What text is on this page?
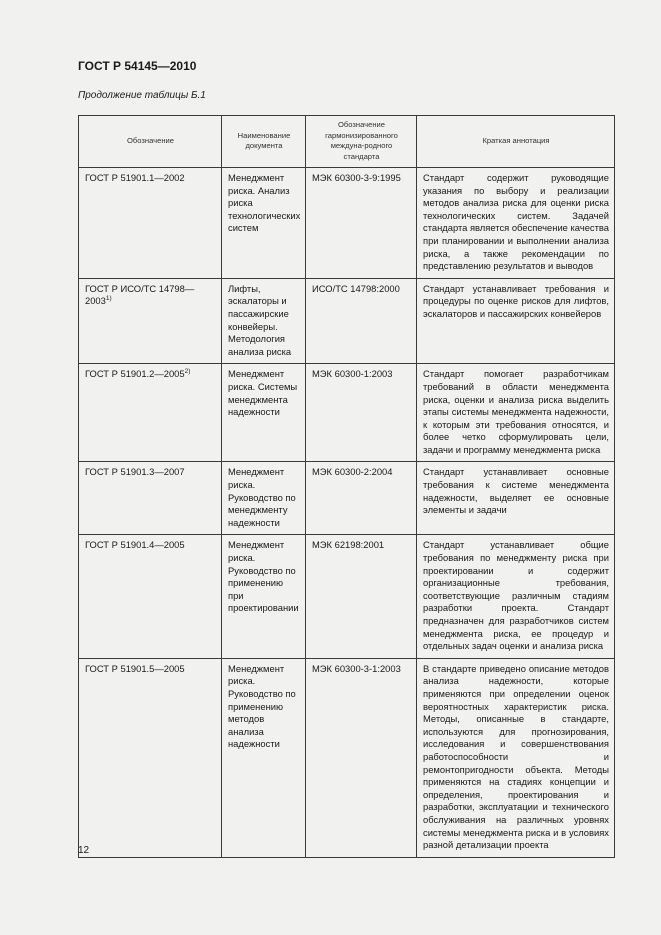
ГОСТ Р 54145—2010
Продолжение таблицы Б.1
Обозначение	Наименование документа	Обозначение гармонизированного междуна-родного стандарта	Краткая аннотация
ГОСТ Р 51901.1—2002	Менеджмент риска. Анализ риска технологических систем	МЭК 60300-3-9:1995	Стандарт содержит руководящие указания по выбору и реализации методов анализа риска для оценки риска технологических систем. Задачей стандарта является обеспечение качества при планировании и выполнении анализа риска, а также рекомендации по представлению результатов и выводов
ГОСТ Р ИСО/ТС 14798—2003$^{1)}$	Лифты, эскалаторы и пассажирские конвейеры. Методология анализа риска	ИСО/ТС 14798:2000	Стандарт устанавливает требования и процедуры по оценке рисков для лифтов, эскалаторов и пассажирских конвейеров
ГОСТ Р 51901.2—2005$^{2)}$	Менеджмент риска. Системы менеджмента надежности	МЭК 60300-1:2003	Стандарт помогает разработчикам требований в области менеджмента риска, оценки и анализа риска выделить этапы системы менеджмента надежности, к которым эти требования относятся, и более четко сформулировать цели, задачи и программу менеджмента риска
ГОСТ Р 51901.3—2007	Менеджмент риска. Руководство по менеджменту надежности	МЭК 60300-2:2004	Стандарт устанавливает основные требования к системе менеджмента надежности, выделяет ее основные элементы и задачи
ГОСТ Р 51901.4—2005	Менеджмент риска. Руководство по применению при проектировании	МЭК 62198:2001	Стандарт устанавливает общие требования по менеджменту риска при проектировании и содержит организационные требования, соответствующие различным стадиям разработки проекта. Стандарт предназначен для разработчиков систем менеджмента риска, ее процедур и отдельных задач оценки и анализа риска
ГОСТ Р 51901.5—2005	Менеджмент риска. Руководство по применению методов анализа надежности	МЭК 60300-3-1:2003	В стандарте приведено описание методов анализа надежности, которые применяются при определении оценок вероятностных характеристик риска. Методы, описанные в стандарте, используются для прогнозирования, исследования и совершенствования работоспособности и ремонтопригодности объекта. Методы применяются на стадиях концепции и определения, проектирования и разработки, эксплуатации и технического обслуживания на различных уровнях системы менеджмента риска и в условиях разной детализации проекта
12
